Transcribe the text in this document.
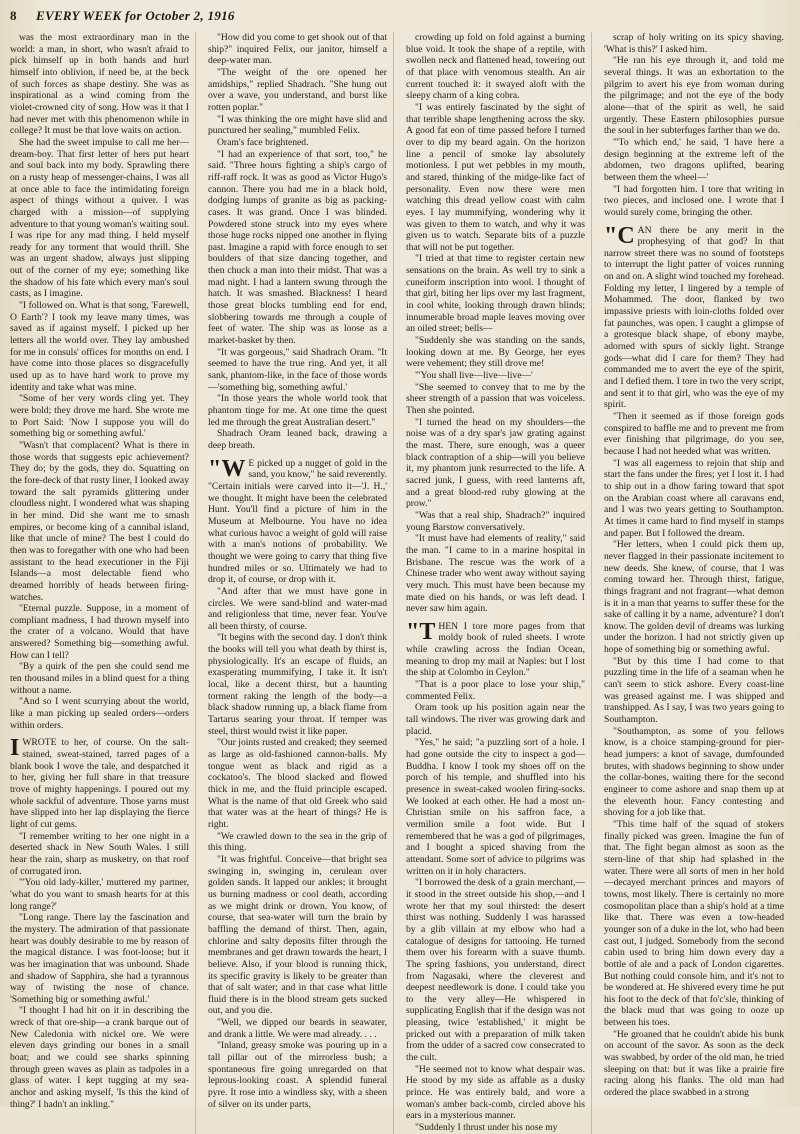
8	EVERY WEEK for October 2, 1916

was the most extraordinary man in the world: a man, in short, who wasn't afraid to pick himself up in both hands and hurl himself into oblivion, if need be, at the beck of such forces as shape destiny. She was as inspirational as a wind coming from the violet-crowned city of song. How was it that I had never met with this phenomenon while in college? It must be that love waits on action.

She had the sweet impulse to call me her—dream-boy. That first letter of hers put heart and soul back into my body. Sprawling there on a rusty heap of messenger-chains, I was all at once able to face the intimidating foreign aspect of things without a quiver. I was charged with a mission—of supplying adventure to that young woman's waiting soul. I was ripe for any mad thing. I held myself ready for any torment that would thrill. She was an urgent shadow, always just slipping out of the corner of my eye; something like the shadow of his fate which every man's soul casts, as I imagine.

"I followed on. What is that song, 'Farewell, O Earth'? I took my leave many times, was saved as if against myself. I picked up her letters all the world over. They lay ambushed for me in consuls' offices for months on end. I have come into those places so disgracefully used up as to have hard work to prove my identity and take what was mine.

"Some of her very words cling yet. They were bold; they drove me hard. She wrote me to Port Said: 'Now I suppose you will do something big or something awful.'

"Wasn't that complacent? What is there in those words that suggests epic achievement? They do; by the gods, they do. Squatting on the fore-deck of that rusty liner, I looked away toward the salt pyramids glittering under cloudless night. I wondered what was shaping in her mind. Did she want me to smash empires, or become king of a cannibal island, like that uncle of mine? The best I could do then was to foregather with one who had been assistant to the head executioner in the Fiji Islands—a most delectable fiend who dreamed horribly of heads between firing-watches.

"Eternal puzzle. Suppose, in a moment of compliant madness, I had thrown myself into the crater of a volcano. Would that have answered? Something big—something awful. How can I tell?

"By a quirk of the pen she could send me ten thousand miles in a blind quest for a thing without a name.

"And so I went scurrying about the world, like a man picking up sealed orders—orders within orders.

IWROTE to her, of course. On the salt-stained, sweat-stained, tarred pages of a blank book I wove the tale, and despatched it to her, giving her full share in that treasure trove of mighty happenings. I poured out my whole sackful of adventure. Those yarns must have slipped into her lap displaying the fierce light of cut gems.

"I remember writing to her one night in a deserted shack in New South Wales. I still hear the rain, sharp as musketry, on that roof of corrugated iron.

"'You old lady-killer,' muttered my partner, 'what do you want to smash hearts for at this long range?'

"Long range. There lay the fascination and the mystery. The admiration of that passionate heart was doubly desirable to me by reason of the magical distance. I was foot-loose; but it was her imagination that was unbound. Shade and shadow of Sapphira, she had a tyrannous way of twisting the nose of chance. 'Something big or something awful.'

"I thought I had hit on it in describing the wreck of that ore-ship—a crank barque out of New Caledonia with nickel ore. We were eleven days grinding our bones in a small boat; and we could see sharks spinning through green waves as plain as tadpoles in a glass of water. I kept tugging at my sea-anchor and asking myself, 'Is this the kind of thing?' I hadn't an inkling."

"How did you come to get shook out of that ship?" inquired Felix, our janitor, himself a deep-water man.

"The weight of the ore opened her amidships," replied Shadrach. "She hung out over a wave, you understand, and burst like rotten poplar."

"I was thinking the ore might have slid and punctured her sealing," mumbled Felix.

Oram's face brightened.

"I had an experience of that sort, too," he said. "Three hours fighting a ship's cargo of riff-raff rock. It was as good as Victor Hugo's cannon. There you had me in a black hold, dodging lumps of granite as big as packing-cases. It was grand. Once I was blinded. Powdered stone struck into my eyes where those huge rocks nipped one another in flying past. Imagine a rapid with force enough to set boulders of that size dancing together, and then chuck a man into their midst. That was a mad night. I had a lantern swung through the hatch. It was smashed. Blackness! I heard those great blocks tumbling end for end, slobbering towards me through a couple of feet of water. The ship was as loose as a market-basket by then.

"It was gorgeous," said Shadrach Oram. "It seemed to have the true ring. And yet, it all sank, phantom-like, in the face of those words—'something big, something awful.'

"In those years the whole world took that phantom tinge for me. At one time the quest led me through the great Australian desert."

Shadrach Oram leaned back, drawing a deep breath.

"WE picked up a nugget of gold in the sand, you know," he said reverently. "Certain initials were carved into it—'J. H.,' we thought. It might have been the celebrated Hunt. You'll find a picture of him in the Museum at Melbourne. You have no idea what curious havoc a weight of gold will raise with a man's notions of probability. We thought we were going to carry that thing five hundred miles or so. Ultimately we had to drop it, of course, or drop with it.

"And after that we must have gone in circles. We were sand-blind and water-mad and religionless that time, never fear. You've all been thirsty, of course.

"It begins with the second day. I don't think the books will tell you what death by thirst is, physiologically. It's an escape of fluids, an exasperating mummifying, I take it. It isn't local, like a decent thirst, but a haunting torment raking the length of the body—a black shadow running up, a black flame from Tartarus searing your throat. If temper was steel, thirst would twist it like paper.

"Our joints rusted and creaked; they seemed as large as old-fashioned cannon-balls. My tongue went as black and rigid as a cockatoo's. The blood slacked and flowed thick in me, and the fluid principle escaped. What is the name of that old Greek who said that water was at the heart of things? He is right.

"We crawled down to the sea in the grip of this thing.

"It was frightful. Conceive—that bright sea swinging in, swinging in, cerulean over golden sands. It lapped our ankles; it brought us burning madness or cool death, according as we might drink or drown. You know, of course, that sea-water will turn the brain by baffling the demand of thirst. Then, again, chlorine and salty deposits filter through the membranes and get drawn towards the heart, I believe. Also, if your blood is running thick, its specific gravity is likely to be greater than that of salt water; and in that case what little fluid there is in the blood stream gets sucked out, and you die.

"Well, we dipped our beards in seawater, and drank a little. We were mad already. . . .

"Inland, greasy smoke was pouring up in a tall pillar out of the mirrorless bush; a spontaneous fire going unregarded on that leprous-looking coast. A splendid funeral pyre. It rose into a windless sky, with a sheen of silver on its under parts,

crowding up fold on fold against a burning blue void. It took the shape of a reptile, with swollen neck and flattened head, towering out of that place with venomous stealth. An air current touched it: it swayed aloft with the sleepy charm of a king cobra.

"I was entirely fascinated by the sight of that terrible shape lengthening across the sky. A good fat eon of time passed before I turned over to dip my beard again. On the horizon line a pencil of smoke lay absolutely motionless. I put wet pebbles in my mouth, and stared, thinking of the midge-like fact of personality. Even now there were men watching this dread yellow coast with calm eyes. I lay mummifying, wondering why it was given to them to watch, and why it was given us to watch. Separate bits of a puzzle that will not be put together.

"I tried at that time to register certain new sensations on the brain. As well try to sink a cuneiform inscription into wool. I thought of that girl, biting her lips over my last fragment, in cool white, looking through drawn blinds; innumerable broad maple leaves moving over an oiled street; bells—

"Suddenly she was standing on the sands, looking down at me. By George, her eyes were vehement; they still drove me!

"'You shall live—live—live—'

"She seemed to convey that to me by the sheer strength of a passion that was voiceless. Then she pointed.

"I turned the head on my shoulders—the noise was of a dry spar's jaw grating against the mast. There, sure enough, was a queer black contraption of a ship—will you believe it, my phantom junk resurrected to the life. A sacred junk, I guess, with reed lanterns aft, and a great blood-red ruby glowing at the prow."

"Was that a real ship, Shadrach?" inquired young Barstow conversatively.

"It must have had elements of reality," said the man. "I came to in a marine hospital in Brisbane. The rescue was the work of a Chinese trader who went away without saying very much. This must have been because my mate died on his hands, or was left dead. I never saw him again.

"THEN I tore more pages from that moldy book of ruled sheets. I wrote while crawling across the Indian Ocean, meaning to drop my mail at Naples: but I lost the ship at Colombo in Ceylon."

"That is a poor place to lose your ship," commented Felix.

Oram took up his position again near the tall windows. The river was growing dark and placid.

"Yes," he said; "a puzzling sort of a hole. I had gone outside the city to inspect a god—Buddha. I know I took my shoes off on the porch of his temple, and shuffled into his presence in sweat-caked woolen firing-socks. We looked at each other. He had a most un-Christian smile on his saffron face, a vermilion smile a foot wide. But I remembered that he was a god of pilgrimages, and I bought a spiced shaving from the attendant. Some sort of advice to pilgrims was written on it in holy characters.

"I borrowed the desk of a grain merchant,—it stood in the street outside his shop,—and I wrote her that my soul thirsted: the desert thirst was nothing. Suddenly I was harassed by a glib villain at my elbow who had a catalogue of designs for tattooing. He turned them over his forearm with a suave thumb. The spring fashions, you understand, direct from Nagasaki, where the cleverest and deepest needlework is done. I could take you to the very alley—He whispered in supplicating English that if the design was not pleasing, twice 'established,' it might be pricked out with a preparation of milk taken from the udder of a sacred cow consecrated to the cult.

"He seemed not to know what despair was. He stood by my side as affable as a dusky prince. He was entirely bald, and wore a woman's amber back-comb, circled above his ears in a mysterious manner.

"Suddenly I thrust under his nose my

scrap of holy writing on its spicy shaving. 'What is this?' I asked him.

"He ran his eye through it, and told me several things. It was an exhortation to the pilgrim to avert his eye from woman during the pilgrimage; and not the eye of the body alone—that of the spirit as well, he said urgently. These Eastern philosophies pursue the soul in her subterfuges farther than we do.

"'To which end,' he said, 'I have here a design beginning at the extreme left of the abdomen, two dragons uplifted, bearing between them the wheel—'

"I had forgotten him. I tore that writing in two pieces, and inclosed one. I wrote that I would surely come, bringing the other.

"CAN there be any merit in the prophesying of that god? In that narrow street there was no sound of footsteps to interrupt the light patter of voices running on and on. A slight wind touched my forehead. Folding my letter, I lingered by a temple of Mohammed. The door, flanked by two impassive priests with loin-cloths folded over fat paunches, was open. I caught a glimpse of a grotesque black shape, of ebony maybe, adorned with spurs of sickly light. Strange gods—what did I care for them? They had commanded me to avert the eye of the spirit, and I defied them. I tore in two the very script, and sent it to that girl, who was the eye of my spirit.

"Then it seemed as if those foreign gods conspired to baffle me and to prevent me from ever finishing that pilgrimage, do you see, because I had not heeded what was written.

"I was all eagerness to rejoin that ship and start the fans under the fires; yet I lost it. I had to ship out in a dhow faring toward that spot on the Arabian coast where all caravans end, and I was two years getting to Southampton. At times it came hard to find myself in stamps and paper. But I followed the dream.

"Her letters, when I could pick them up, never flagged in their passionate incitement to new deeds. She knew, of course, that I was coming toward her. Through thirst, fatigue, things fragrant and not fragrant—what demon is it in a man that yearns to suffer these for the sake of calling it by a name, adventure? I don't know. The golden devil of dreams was lurking under the horizon. I had not strictly given up hope of something big or something awful.

"But by this time I had come to that puzzling time in the life of a seaman when he can't seem to stick ashore. Every coast-line was greased against me. I was shipped and transhipped. As I say, I was two years going to Southampton.

"Southampton, as some of you fellows know, is a choice stamping-ground for pier-head jumpers: a knot of savage, dumfounded brutes, with shadows beginning to show under the collar-bones, waiting there for the second engineer to come ashore and snap them up at the eleventh hour. Fancy contesting and shoving for a job like that.

"This time half of the squad of stokers finally picked was green. Imagine the fun of that. The fight began almost as soon as the stern-line of that ship had splashed in the water. There were all sorts of men in her hold—decayed merchant princes and mayors of towns, most likely. There is certainly no more cosmopolitan place than a ship's hold at a time like that. There was even a tow-headed younger son of a duke in the lot, who had been cast out, I judged. Somebody from the second cabin used to bring him down every day a bottle of ale and a pack of London cigarettes. But nothing could console him, and it's not to be wondered at. He shivered every time he put his foot to the deck of that fo'c'sle, thinking of the black mud that was going to ooze up between his toes.

"He groaned that he couldn't abide his bunk on account of the savor. As soon as the deck was swabbed, by order of the old man, he tried sleeping on that: but it was like a prairie fire racing along his flanks. The old man had ordered the place swabbed in a strong
